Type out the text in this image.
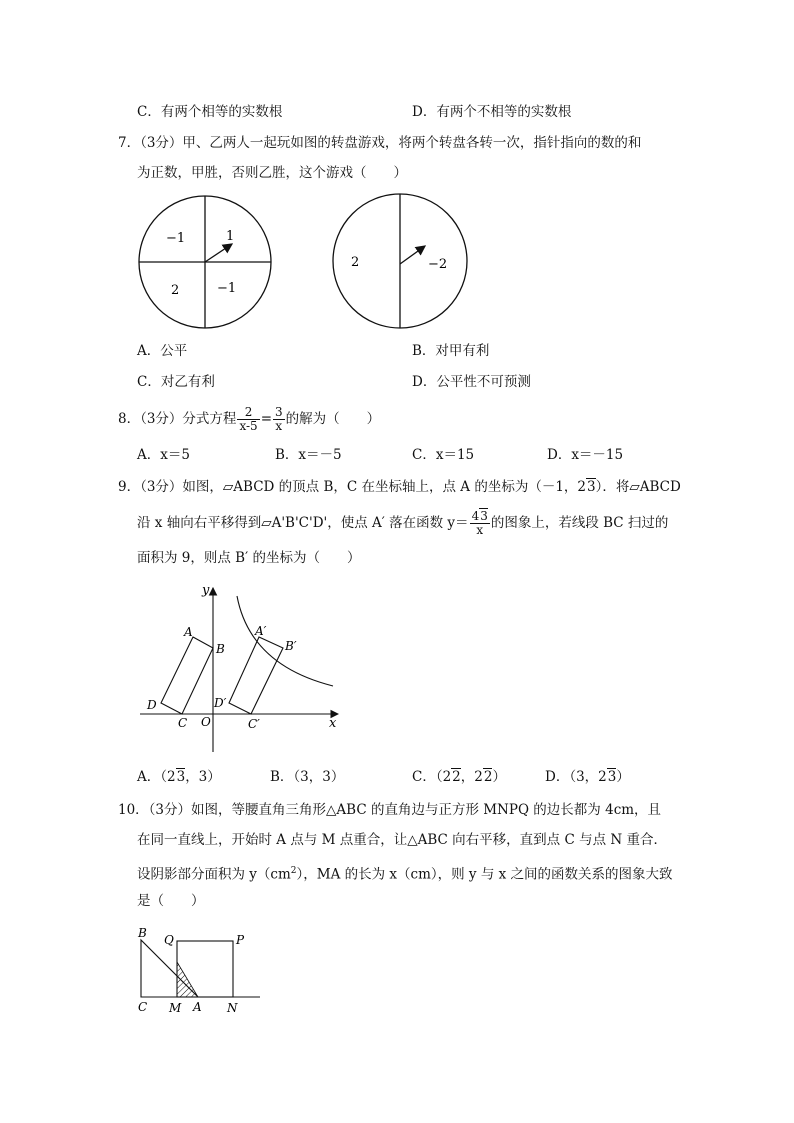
C．有两个相等的实数根	D．有两个不相等的实数根
7．（3分）甲、乙两人一起玩如图的转盘游戏，将两个转盘各转一次，指针指向的数的和
为正数，甲胜，否则乙胜，这个游戏（　　）
−1	1
2	−1
2	−2
A．公平	B．对甲有利
C．对乙有利	D．公平性不可预测
8．（3分）分式方程 $\frac{2}{x-5} = \frac{3}{x}$ 的解为（　　）
A．x＝5	B．x＝－5	C．x＝15	D．x＝－15
9．（3分）如图，▱ABCD 的顶点 B，C 在坐标轴上，点 A 的坐标为（－1，23）．将▱ABCD
沿 x 轴向右平移得到▱A'B'C'D'，使点 A′ 落在函数 $y= \frac{43}{x}$ 的图象上，若线段 BC 扫过的
面积为 9，则点 B′ 的坐标为（　　）
y
x
O
A
B
C
D
A′
B′
C′
D′
A．（23，3）	B．（3，3）	C．（22，22）	D．（3，23）
10．（3分）如图，等腰直角三角形△ABC 的直角边与正方形 MNPQ 的边长都为 4cm，且
在同一直线上，开始时 A 点与 M 点重合，让△ABC 向右平移，直到点 C 与点 N 重合．
设阴影部分面积为 $y(cm^2)$，MA 的长为 x（cm），则 y 与 x 之间的函数关系的图象大致
是（　　）
B Q	P
C M A N
